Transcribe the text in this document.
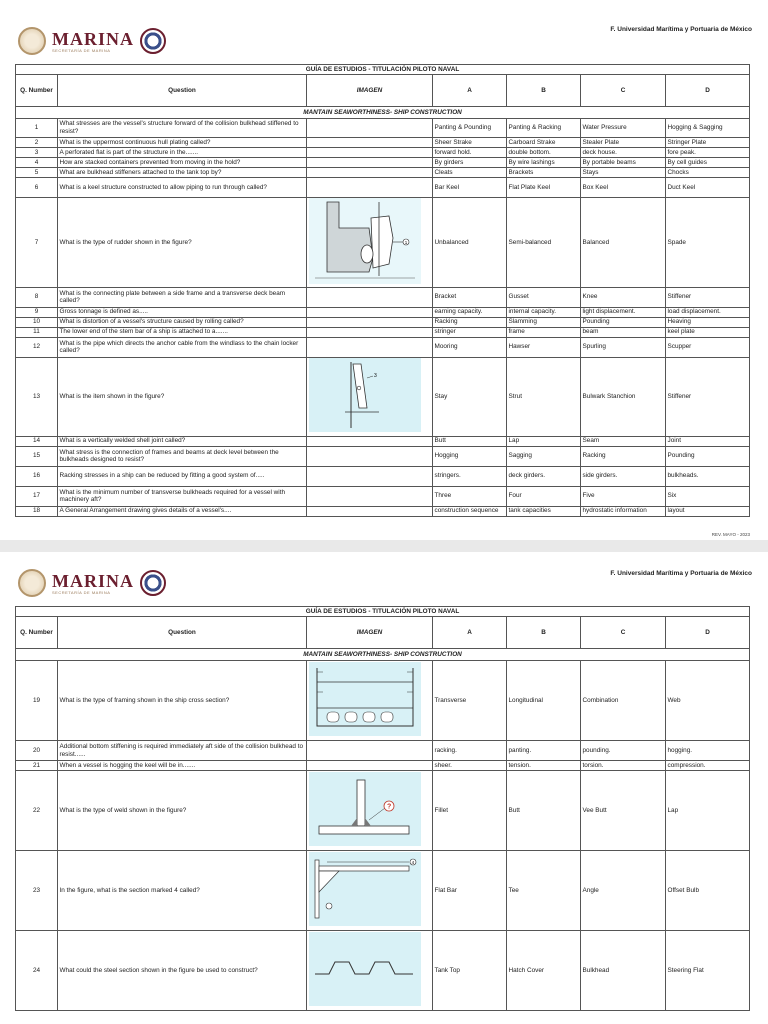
MARINA
SECRETARÍA DE MARINA
F. Universidad Marítima y Portuaria de México
GUÍA DE ESTUDIOS - TITULACIÓN PILOTO NAVAL						
Q. Number	Question	IMAGEN	A	B	C	D
MANTAIN SEAWORTHINESS- SHIP CONSTRUCTION						
1	What stresses are the vessel's structure forward of the collision bulkhead stiffened to resist?		Panting & Pounding	Panting & Racking	Water Pressure	Hogging & Sagging
2	What is the uppermost continuous hull plating called?		Sheer Strake	Carboard Strake	Stealer Plate	Stringer Plate
3	A perforated flat is part of the structure in the.......		forward hold.	double bottom.	deck house.	fore peak.
4	How are stacked containers prevented from moving in the hold?		By girders	By wire lashings	By portable beams	By cell guides
5	What are bulkhead stiffeners attached to the tank top by?		Cleats	Brackets	Stays	Chocks
6	What is a keel structure constructed to allow piping to run through called?		Bar Keel	Flat Plate Keel	Box Keel	Duct Keel
7	What is the type of rudder shown in the figure?	1	Unbalanced	Semi-balanced	Balanced	Spade
8	What is the connecting plate between a side frame and a transverse deck beam called?		Bracket	Gusset	Knee	Stiffener
9	Gross tonnage is defined as.....		earning capacity.	internal capacity.	light displacement.	load displacement.
10	What is distortion of a vessel's structure caused by rolling called?		Racking	Slamming	Pounding	Heaving
11	The lower end of the stem bar of a ship is attached to a.......		stringer	frame	beam	keel plate
12	What is the pipe which directs the anchor cable from the windlass to the chain locker called?		Mooring	Hawser	Spurling	Scupper
13	What is the item shown in the figure?	3	Stay	Strut	Bulwark Stanchion	Stiffener
14	What is a vertically welded shell joint called?		Butt	Lap	Seam	Joint
15	What stress is the connection of frames and beams at deck level between the bulkheads designed to resist?		Hogging	Sagging	Racking	Pounding
16	Racking stresses in a ship can be reduced by fitting a good system of.....		stringers.	deck girders.	side girders.	bulkheads.
17	What is the minimum number of transverse bulkheads required for a vessel with machinery aft?		Three	Four	Five	Six
18	A General Arrangement drawing gives details of a vessel's....		construction sequence	tank capacities	hydrostatic information	layout
REV. MAYO - 2023
MARINA
SECRETARÍA DE MARINA
F. Universidad Marítima y Portuaria de México
GUÍA DE ESTUDIOS - TITULACIÓN PILOTO NAVAL						
Q. Number	Question	IMAGEN	A	B	C	D
MANTAIN SEAWORTHINESS- SHIP CONSTRUCTION						
19	What is the type of framing shown in the ship cross section?		Transverse	Longitudinal	Combination	Web
20	Additional bottom stiffening is required immediately aft side of the collision bulkhead to resist......		racking.	panting.	pounding.	hogging.
21	When a vessel is hogging the keel will be in.......		sheer.	tension.	torsion.	compression.
22	What is the type of weld shown in the figure?	?	Fillet	Butt	Vee Butt	Lap
23	In the figure, what is the section marked 4 called?	4	Flat Bar	Tee	Angle	Offset Bulb
24	What could the steel section shown in the figure be used to construct?		Tank Top	Hatch Cover	Bulkhead	Steering Flat
